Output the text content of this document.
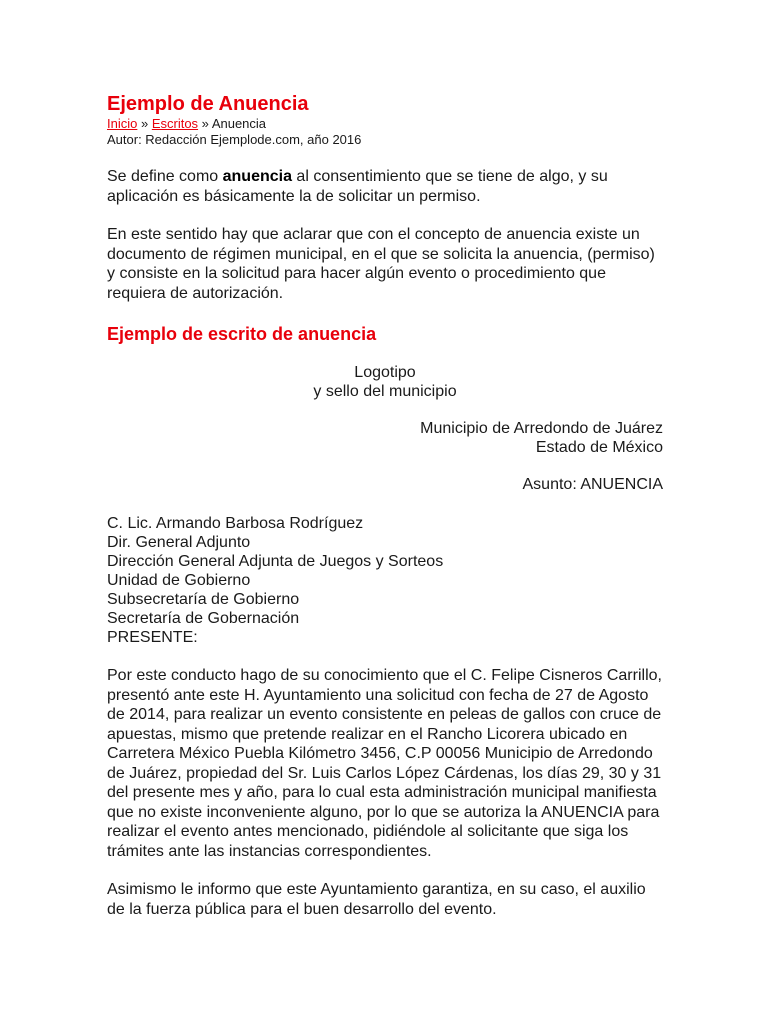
Ejemplo de Anuencia
Inicio » Escritos » Anuencia
Autor: Redacción Ejemplode.com, año 2016

Se define como anuencia al consentimiento que se tiene de algo, y su aplicación es básicamente la de solicitar un permiso.

En este sentido hay que aclarar que con el concepto de anuencia existe un documento de régimen municipal, en el que se solicita la anuencia, (permiso) y consiste en la solicitud para hacer algún evento o procedimiento que requiera de autorización.

Ejemplo de escrito de anuencia
Logotipo
y sello del municipio
Municipio de Arredondo de Juárez
Estado de México
Asunto: ANUENCIA
C. Lic. Armando Barbosa Rodríguez
Dir. General Adjunto
Dirección General Adjunta de Juegos y Sorteos
Unidad de Gobierno
Subsecretaría de Gobierno
Secretaría de Gobernación
PRESENTE:

Por este conducto hago de su conocimiento que el C. Felipe Cisneros Carrillo, presentó ante este H. Ayuntamiento una solicitud con fecha de 27 de Agosto de 2014, para realizar un evento consistente en peleas de gallos con cruce de apuestas, mismo que pretende realizar en el Rancho Licorera ubicado en Carretera México Puebla Kilómetro 3456, C.P 00056 Municipio de Arredondo de Juárez, propiedad del Sr. Luis Carlos López Cárdenas, los días 29, 30 y 31 del presente mes y año, para lo cual esta administración municipal manifiesta que no existe inconveniente alguno, por lo que se autoriza la ANUENCIA para realizar el evento antes mencionado, pidiéndole al solicitante que siga los trámites ante las instancias correspondientes.

Asimismo le informo que este Ayuntamiento garantiza, en su caso, el auxilio de la fuerza pública para el buen desarrollo del evento.
